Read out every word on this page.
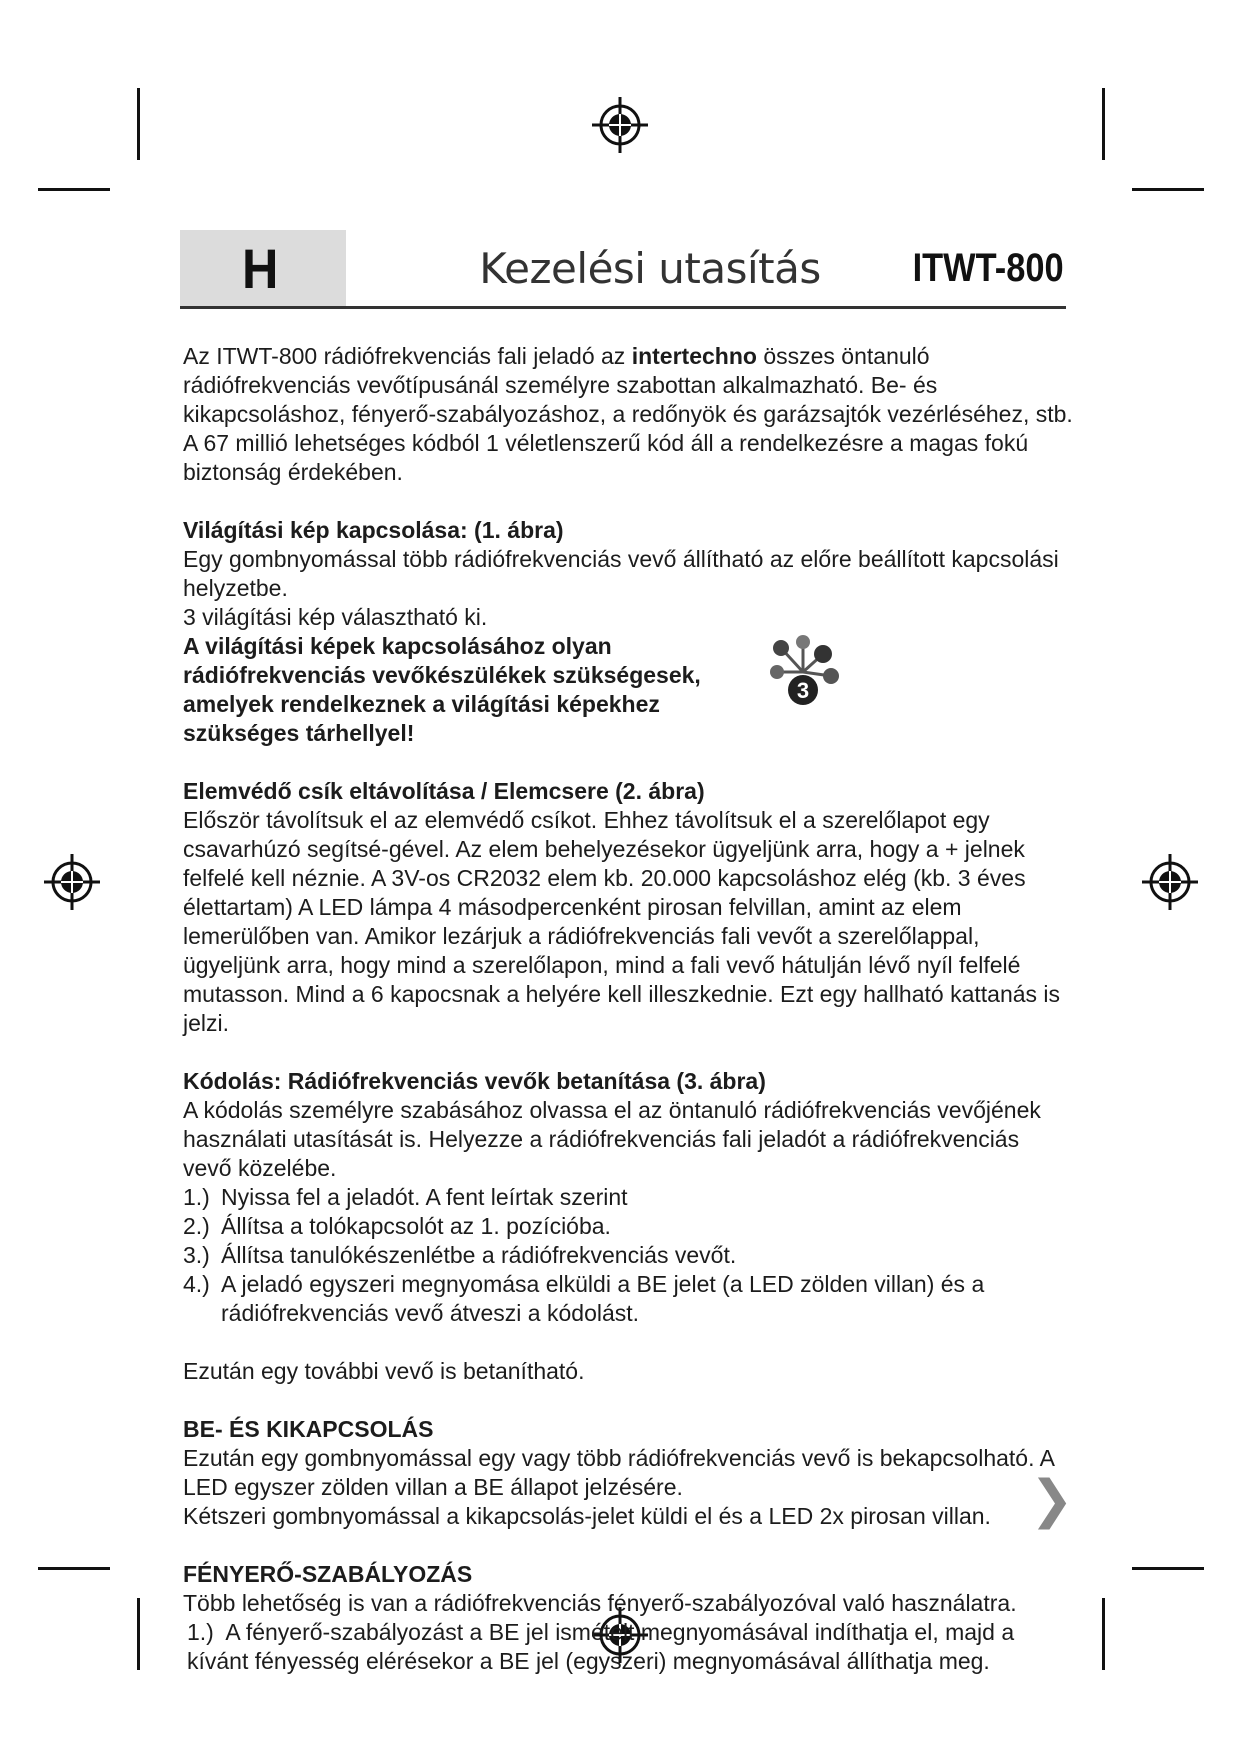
H	Kezelési utasítás ITWT-800

Az ITWT-800 rádiófrekvenciás fali jeladó az intertechno összes öntanuló rádiófrekvenciás vevőtípusánál személyre szabottan alkalmazható. Be- és kikapcsoláshoz, fényerő-szabályozáshoz, a redőnyök és garázsajtók vezérléséhez, stb. A 67 millió lehetséges kódból 1 véletlenszerű kód áll a rendelkezésre a magas fokú biztonság érdekében.

Világítási kép kapcsolása: (1. ábra)

Egy gombnyomással több rádiófrekvenciás vevő állítható az előre beállított kapcsolási helyzetbe.

3 világítási kép választható ki.

A világítási képek kapcsolásához olyan rádiófrekvenciás vevőkészülékek szükségesek, amelyek rendelkeznek a világítási képekhez szükséges tárhellyel!

3

Elemvédő csík eltávolítása / Elemcsere (2. ábra)

Először távolítsuk el az elemvédő csíkot. Ehhez távolítsuk el a szerelőlapot egy csavarhúzó segítsé-gével. Az elem behelyezésekor ügyeljünk arra, hogy a + jelnek felfelé kell néznie. A 3V-os CR2032 elem kb. 20.000 kapcsoláshoz elég (kb. 3 éves élettartam) A LED lámpa 4 másodpercenként pirosan felvillan, amint az elem lemerülőben van. Amikor lezárjuk a rádiófrekvenciás fali vevőt a szerelőlappal, ügyeljünk arra, hogy mind a szerelőlapon, mind a fali vevő hátulján lévő nyíl felfelé mutasson. Mind a 6 kapocsnak a helyére kell illeszkednie. Ezt egy hallható kattanás is jelzi.

Kódolás: Rádiófrekvenciás vevők betanítása (3. ábra)

A kódolás személyre szabásához olvassa el az öntanuló rádiófrekvenciás vevőjének használati utasítását is. Helyezze a rádiófrekvenciás fali jeladót a rádiófrekvenciás vevő közelébe.

1.) Nyissa fel a jeladót. A fent leírtak szerint
2.) Állítsa a tolókapcsolót az 1. pozícióba.
3.) Állítsa tanulókészenlétbe a rádiófrekvenciás vevőt.
4.) A jeladó egyszeri megnyomása elküldi a BE jelet (a LED zölden villan) és a rádiófrekvenciás vevő átveszi a kódolást.

Ezután egy további vevő is betanítható.

BE- ÉS KIKAPCSOLÁS

Ezután egy gombnyomással egy vagy több rádiófrekvenciás vevő is bekapcsolható. A LED egyszer zölden villan a BE állapot jelzésére.

Kétszeri gombnyomással a kikapcsolás-jelet küldi el és a LED 2x pirosan villan.

FÉNYERŐ-SZABÁLYOZÁS

Több lehetőség is van a rádiófrekvenciás fényerő-szabályozóval való használatra.

1.) A fényerő-szabályozást a BE jel ismételt megnyomásával indíthatja el, majd a kívánt fényesség elérésekor a BE jel (egyszeri) megnyomásával állíthatja meg.
❯
